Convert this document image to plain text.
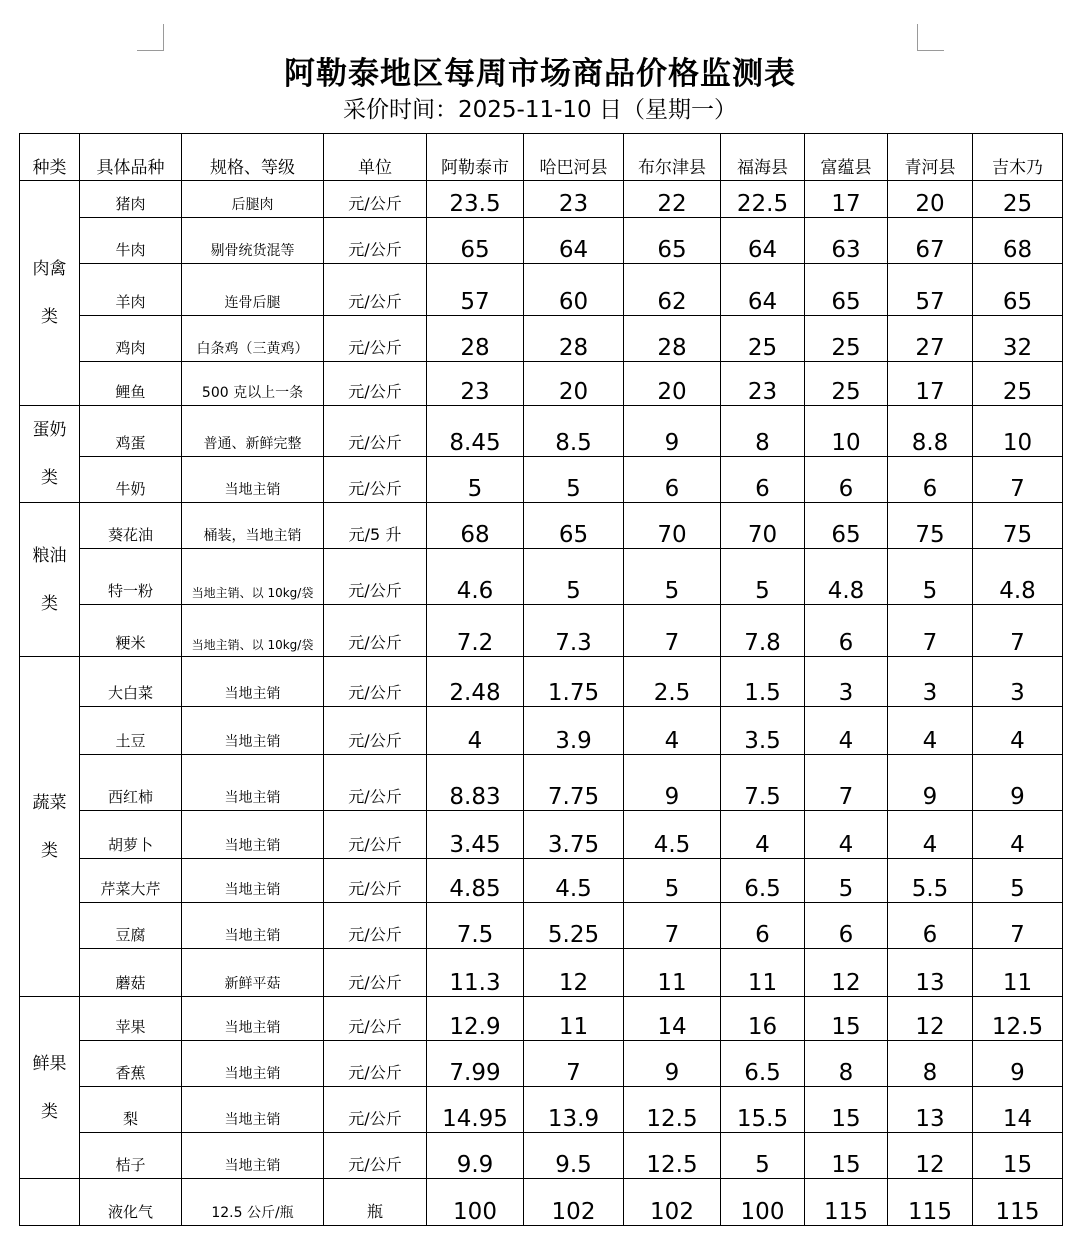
阿勒泰地区每周市场商品价格监测表
采价时间：2025-11-10 日（星期一）
种类	具体品种	规格、等级	单位	阿勒泰市	哈巴河县	布尔津县	福海县	富蕴县	青河县	吉木乃

肉禽
类	猪肉	后腿肉	元/公斤	23.5	23	22	22.5	17	20	25
	牛肉	剔骨统货混等	元/公斤	65	64	65	64	63	67	68
	羊肉	连骨后腿	元/公斤	57	60	62	64	65	57	65
	鸡肉	白条鸡（三黄鸡）	元/公斤	28	28	28	25	25	27	32
	鲤鱼	500 克以上一条	元/公斤	23	20	20	23	25	17	25

蛋奶
类	鸡蛋	普通、新鲜完整	元/公斤	8.45	8.5	9	8	10	8.8	10
	牛奶	当地主销	元/公斤	5	5	6	6	6	6	7

粮油
类	葵花油	桶装，当地主销	元/5 升	68	65	70	70	65	75	75
	特一粉	当地主销、以 10kg/袋	元/公斤	4.6	5	5	5	4.8	5	4.8
	粳米	当地主销、以 10kg/袋	元/公斤	7.2	7.3	7	7.8	6	7	7

蔬菜
类	大白菜	当地主销	元/公斤	2.48	1.75	2.5	1.5	3	3	3
	土豆	当地主销	元/公斤	4	3.9	4	3.5	4	4	4
	西红柿	当地主销	元/公斤	8.83	7.75	9	7.5	7	9	9
	胡萝卜	当地主销	元/公斤	3.45	3.75	4.5	4	4	4	4
	芹菜大芹	当地主销	元/公斤	4.85	4.5	5	6.5	5	5.5	5
	豆腐	当地主销	元/公斤	7.5	5.25	7	6	6	6	7
	蘑菇	新鲜平菇	元/公斤	11.3	12	11	11	12	13	11

鲜果
类	苹果	当地主销	元/公斤	12.9	11	14	16	15	12	12.5
	香蕉	当地主销	元/公斤	7.99	7	9	6.5	8	8	9
	梨	当地主销	元/公斤	14.95	13.9	12.5	15.5	15	13	14
	桔子	当地主销	元/公斤	9.9	9.5	12.5	5	15	12	15

	液化气	12.5 公斤/瓶	瓶	100	102	102	100	115	115	115
